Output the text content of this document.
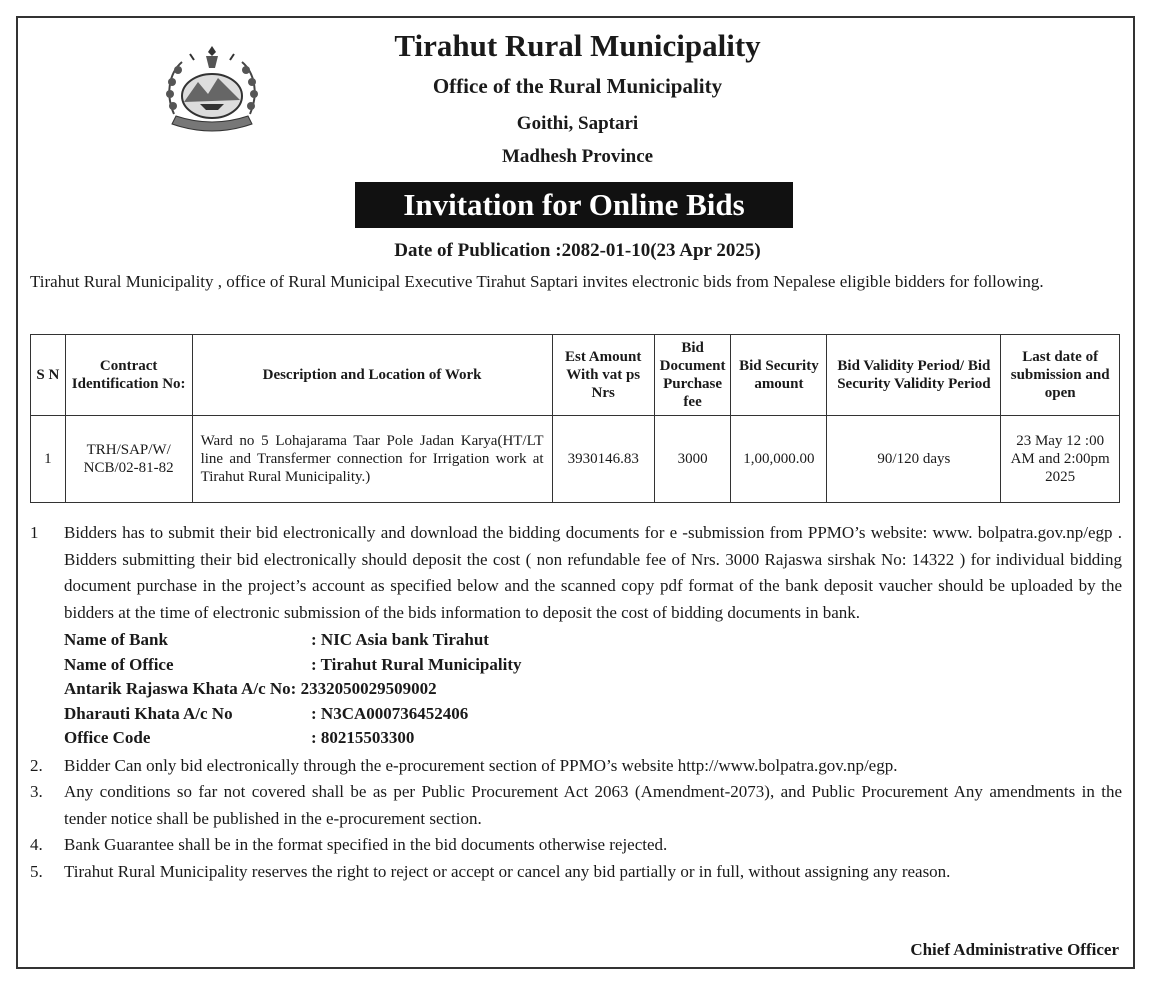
Tirahut Rural Municipality
Office of the Rural Municipality
Goithi, Saptari
Madhesh Province
Invitation for Online Bids
Date of Publication :2082-01-10(23 Apr 2025)
Tirahut Rural Municipality , office of Rural Municipal Executive Tirahut Saptari invites electronic bids from Nepalese eligible bidders for following.
S N	Contract Identification No:	Description and Location of Work	Est Amount With vat ps Nrs	Bid Document Purchase fee	Bid Security amount	Bid Validity Period/ Bid Security Validity Period	Last date of submission and open
1	TRH/SAP/W/ NCB/02-81-82	Ward no 5 Lohajarama Taar Pole Jadan Karya(HT/LT line and Transfermer connection for Irrigation work at Tirahut Rural Municipality.)	3930146.83	3000	1,00,000.00	90/120 days	23 May 12 :00 AM and 2:00pm 2025
1	Bidders has to submit their bid electronically and download the bidding documents for e -submission from PPMO’s website: www. bolpatra.gov.np/egp . Bidders submitting their bid electronically should deposit the cost ( non refundable fee of Nrs. 3000 Rajaswa sirshak No: 14322 ) for individual bidding document purchase in the project’s account as specified below and the scanned copy pdf format of the bank deposit vaucher should be uploaded by the bidders at the time of electronic submission of the bids information to deposit the cost of bidding documents in bank.
Name of Bank	: NIC Asia bank Tirahut
Name of Office	: Tirahut Rural Municipality
Antarik Rajaswa Khata A/c No: 2332050029509002
Dharauti Khata A/c No	: N3CA000736452406
Office Code	: 80215503300
2.	Bidder Can only bid electronically through the e-procurement section of PPMO’s website http://www.bolpatra.gov.np/egp.
3.	Any conditions so far not covered shall be as per Public Procurement Act 2063 (Amendment-2073), and Public Procurement Any amendments in the tender notice shall be published in the e-procurement section.
4.	Bank Guarantee shall be in the format specified in the bid documents otherwise rejected.
5.	Tirahut Rural Municipality reserves the right to reject or accept or cancel any bid partially or in full, without assigning any reason.
Chief Administrative Officer
